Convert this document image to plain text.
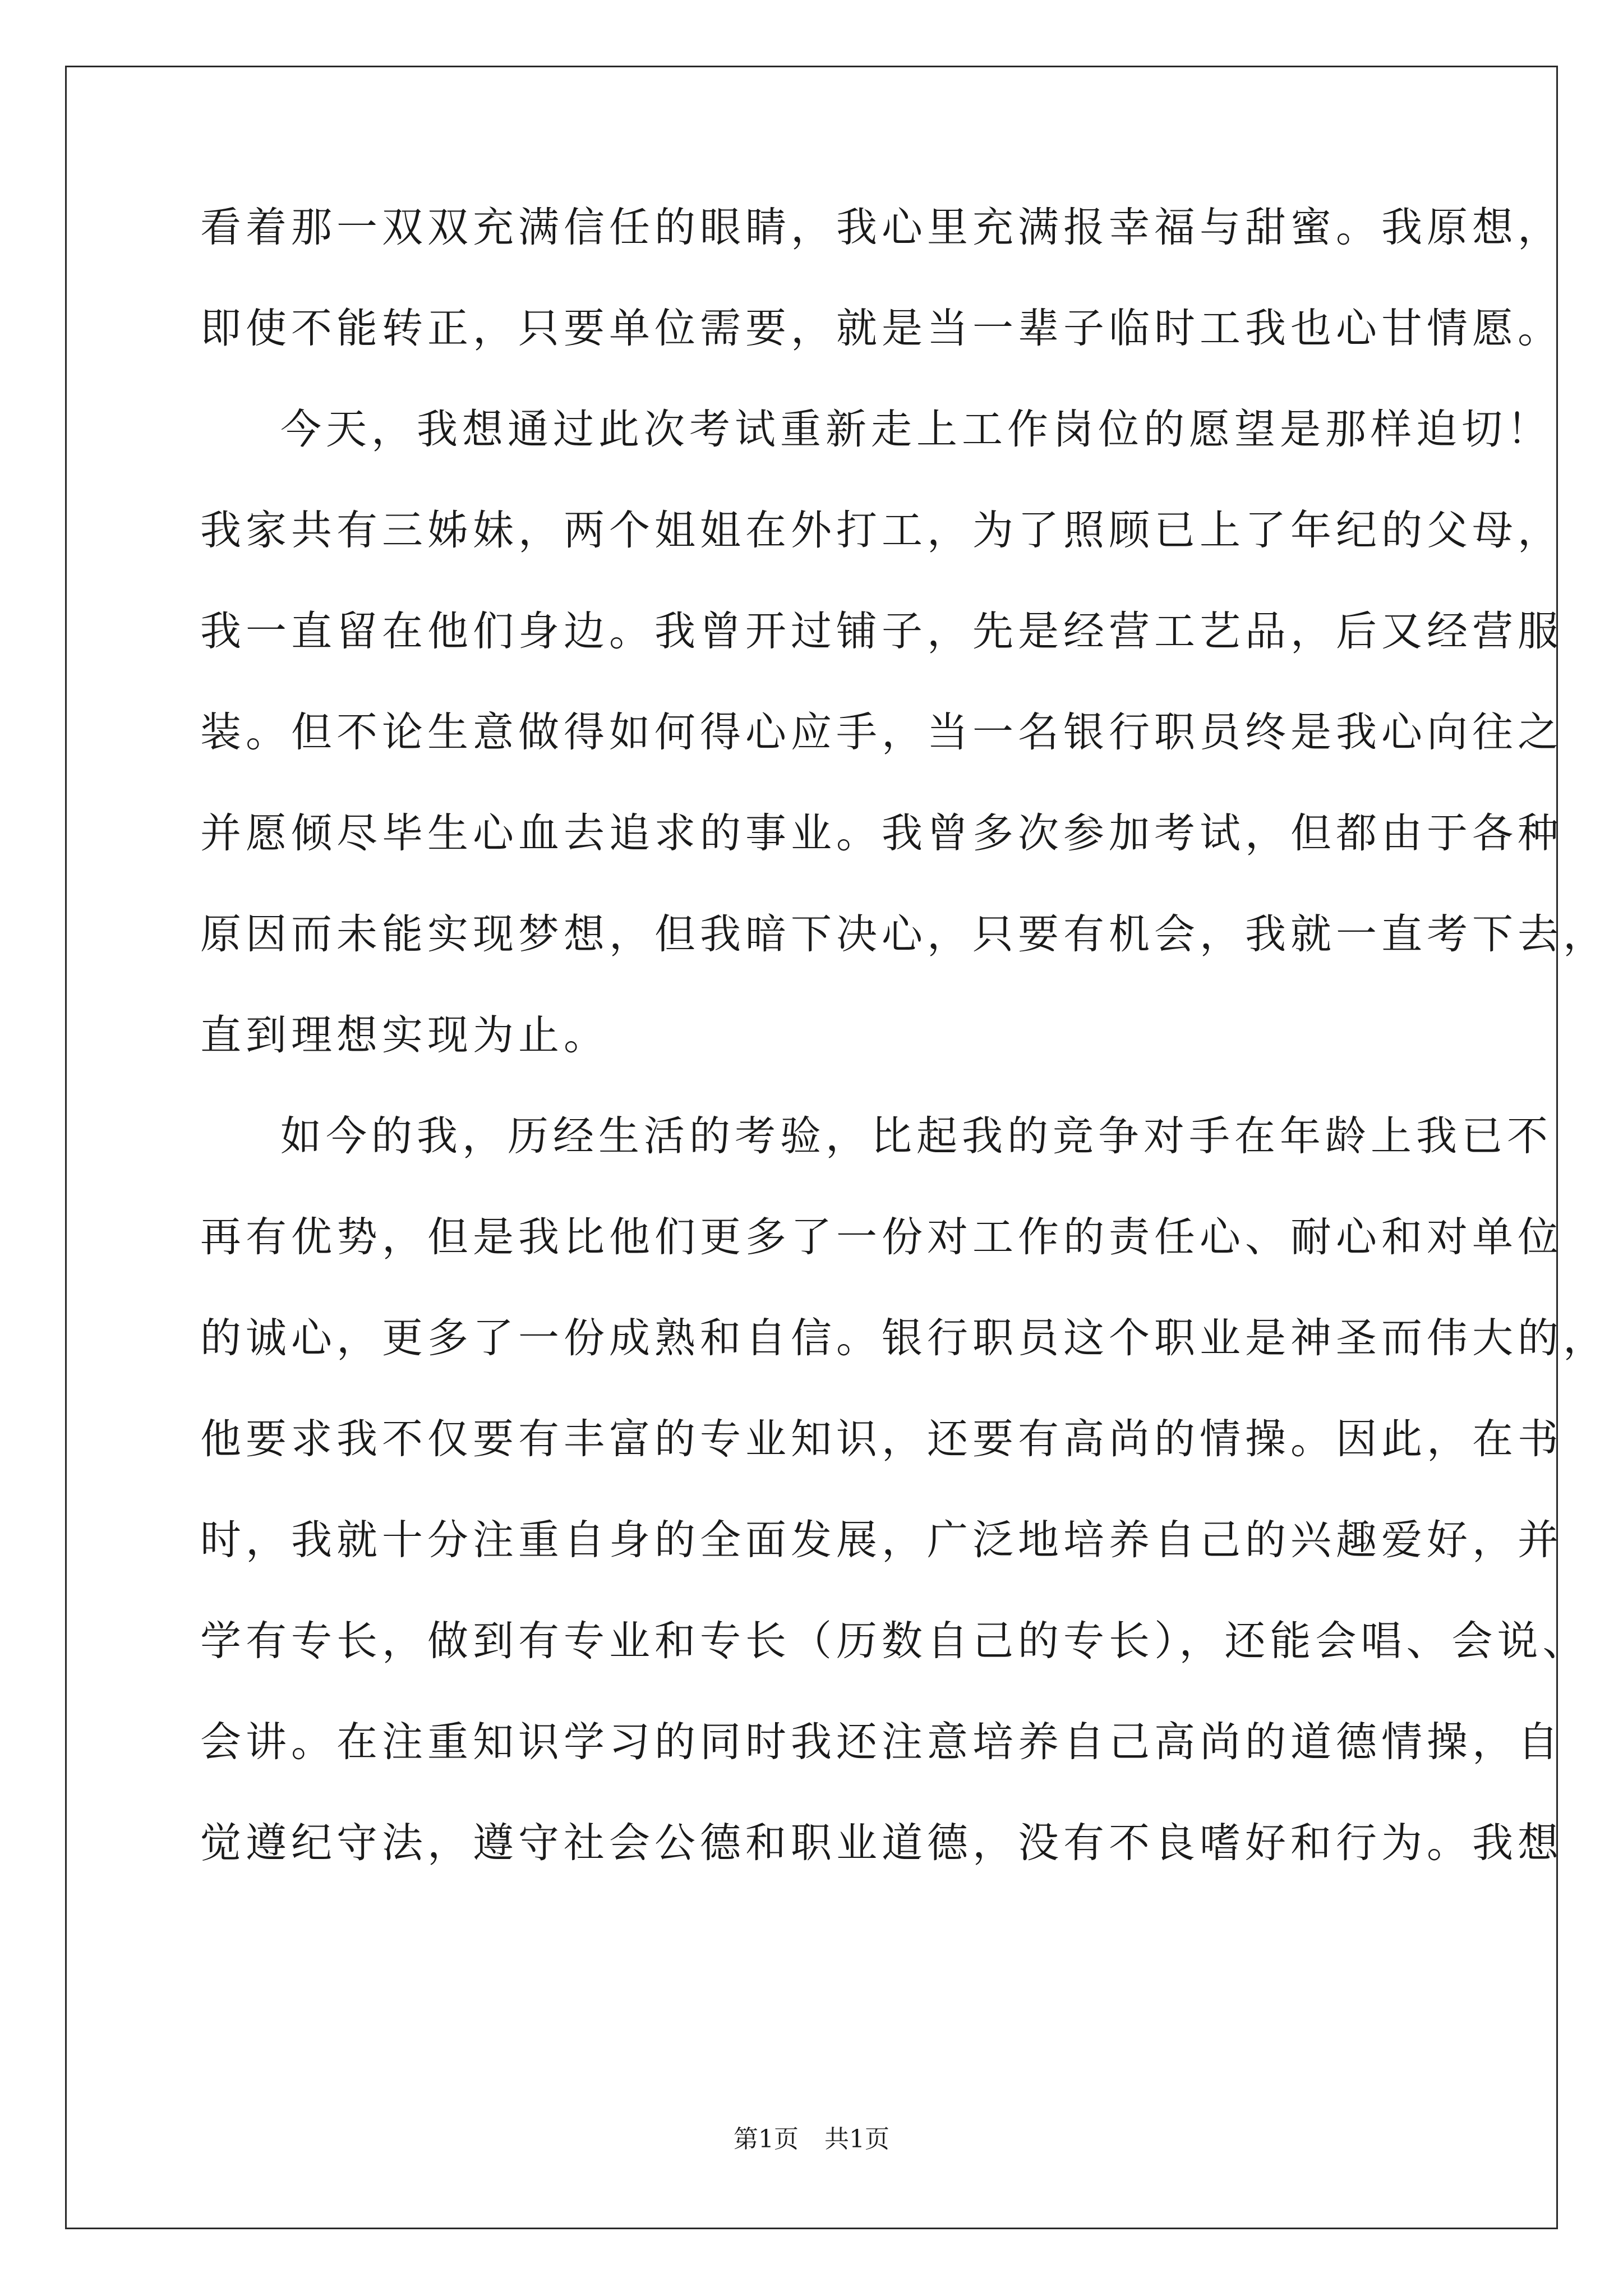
看着那一双双充满信任的眼睛，我心里充满报幸福与甜蜜。我原想，
即使不能转正，只要单位需要，就是当一辈子临时工我也心甘情愿。
今天，我想通过此次考试重新走上工作岗位的愿望是那样迫切！
我家共有三姊妹，两个姐姐在外打工，为了照顾已上了年纪的父母，
我一直留在他们身边。我曾开过铺子，先是经营工艺品，后又经营服
装。但不论生意做得如何得心应手，当一名银行职员终是我心向往之
并愿倾尽毕生心血去追求的事业。我曾多次参加考试，但都由于各种
原因而未能实现梦想，但我暗下决心，只要有机会，我就一直考下去，
直到理想实现为止。
如今的我，历经生活的考验，比起我的竞争对手在年龄上我已不
再有优势，但是我比他们更多了一份对工作的责任心、耐心和对单位
的诚心，更多了一份成熟和自信。银行职员这个职业是神圣而伟大的，
他要求我不仅要有丰富的专业知识，还要有高尚的情操。因此，在书
时，我就十分注重自身的全面发展，广泛地培养自己的兴趣爱好，并
学有专长，做到有专业和专长（历数自己的专长），还能会唱、会说、
会讲。在注重知识学习的同时我还注意培养自己高尚的道德情操，自
觉遵纪守法，遵守社会公德和职业道德，没有不良嗜好和行为。我想
第1页 共1页
